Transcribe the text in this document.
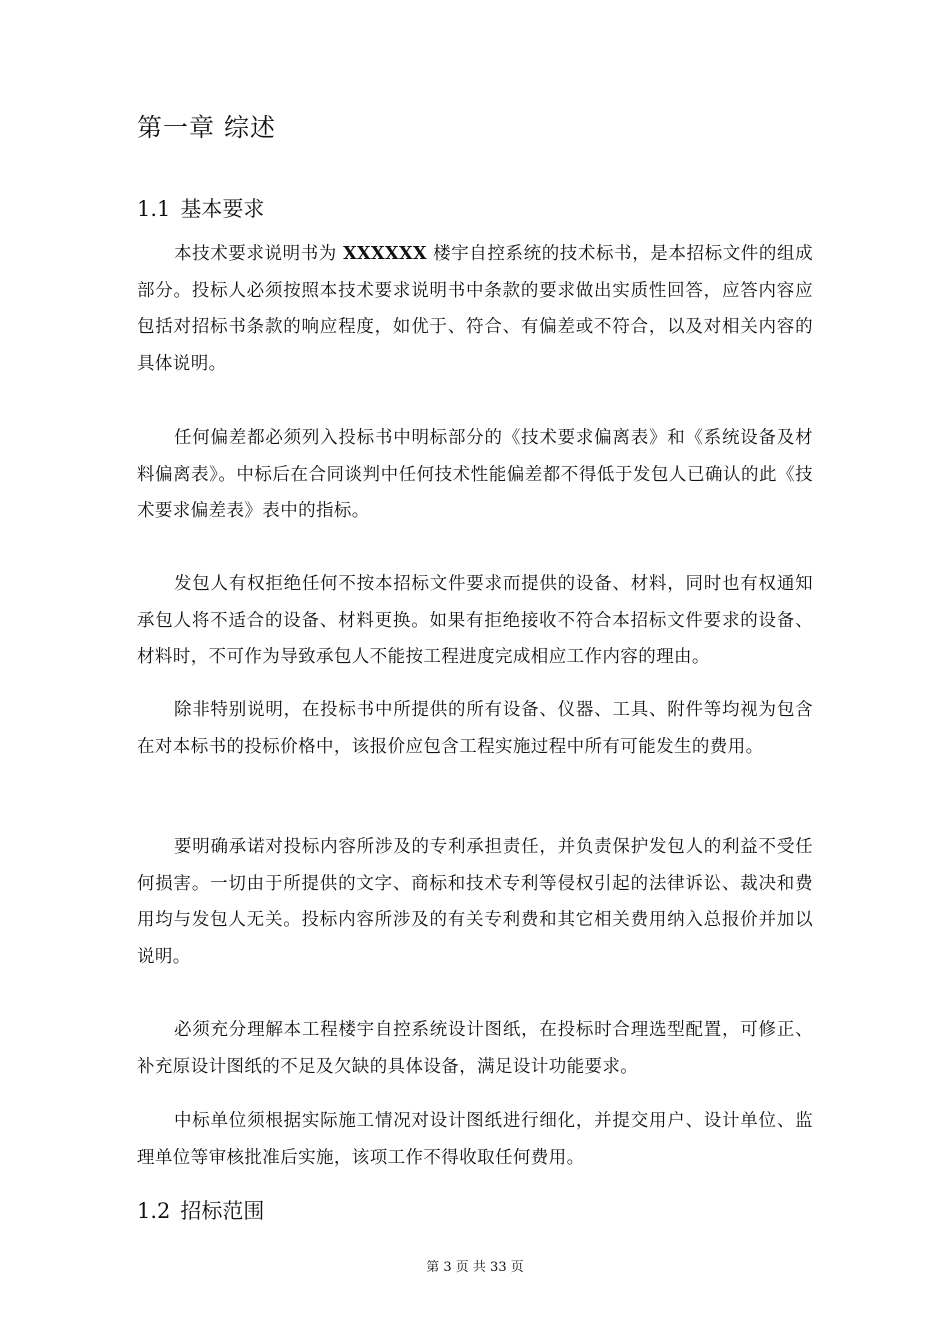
第一章 综述
1.1 基本要求

本技术要求说明书为 XXXXXX 楼宇自控系统的技术标书，是本招标文件的组成部分。投标人必须按照本技术要求说明书中条款的要求做出实质性回答，应答内容应包括对招标书条款的响应程度，如优于、符合、有偏差或不符合，以及对相关内容的具体说明。

任何偏差都必须列入投标书中明标部分的《技术要求偏离表》和《系统设备及材料偏离表》。中标后在合同谈判中任何技术性能偏差都不得低于发包人已确认的此《技术要求偏差表》表中的指标。

发包人有权拒绝任何不按本招标文件要求而提供的设备、材料，同时也有权通知承包人将不适合的设备、材料更换。如果有拒绝接收不符合本招标文件要求的设备、材料时，不可作为导致承包人不能按工程进度完成相应工作内容的理由。

除非特别说明，在投标书中所提供的所有设备、仪器、工具、附件等均视为包含在对本标书的投标价格中，该报价应包含工程实施过程中所有可能发生的费用。

要明确承诺对投标内容所涉及的专利承担责任，并负责保护发包人的利益不受任何损害。一切由于所提供的文字、商标和技术专利等侵权引起的法律诉讼、裁决和费用均与发包人无关。投标内容所涉及的有关专利费和其它相关费用纳入总报价并加以说明。

必须充分理解本工程楼宇自控系统设计图纸，在投标时合理选型配置，可修正、补充原设计图纸的不足及欠缺的具体设备，满足设计功能要求。

中标单位须根据实际施工情况对设计图纸进行细化，并提交用户、设计单位、监理单位等审核批准后实施，该项工作不得收取任何费用。

1.2 招标范围
第 3 页 共 33 页
